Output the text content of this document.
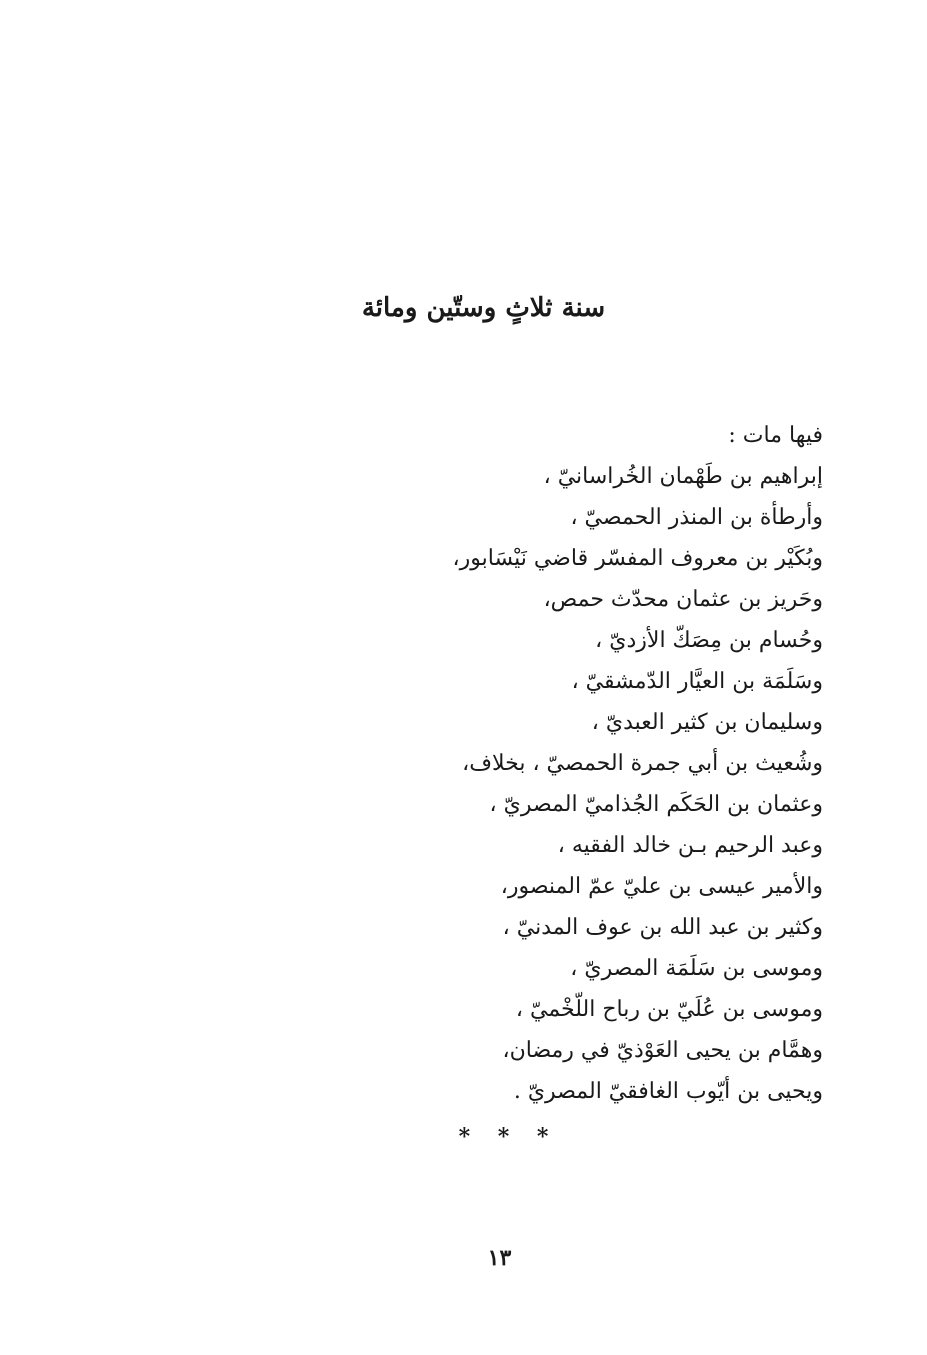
سنة ثلاثٍ وستّين ومائة
فيها مات :
إبراهيم بن طَهْمان الخُراسانيّ ،
وأرطأة بن المنذر الحمصيّ ،
وبُكَيْر بن معروف المفسّر قاضي نَيْسَابور،
وحَريز بن عثمان محدّث حمص،
وحُسام بن مِصَكّ الأزديّ ،
وسَلَمَة بن العيَّار الدّمشقيّ ،
وسليمان بن كثير العبديّ ،
وشُعيث بن أبي جمرة الحمصيّ ، بخلاف،
وعثمان بن الحَكَم الجُذاميّ المصريّ ،
وعبد الرحيم بـن خالد الفقيه ،
والأمير عيسى بن عليّ عمّ المنصور،
وكثير بن عبد الله بن عوف المدنيّ ،
وموسى بن سَلَمَة المصريّ ،
وموسى بن عُلَيّ بن رباح اللّخْميّ ،
وهمَّام بن يحيى العَوْذيّ في رمضان،
ويحيى بن أيّوب الغافقيّ المصريّ .
* * *
١٣
